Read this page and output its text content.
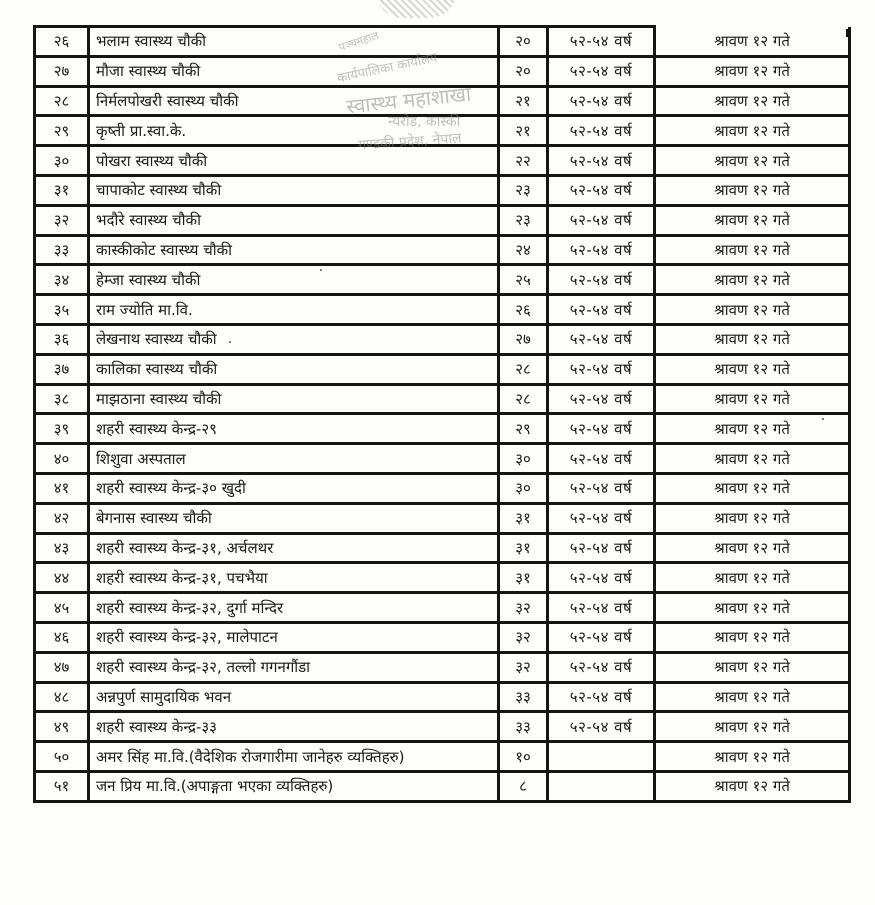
पञ्चमहाल
कार्यपालिका कार्यालय
स्वास्थ्य महाशाखा
न्यरोड, कास्की
गण्डकी प्रदेश, नेपाल
२६	भलाम स्वास्थ्य चौकी	२०	५२-५४ वर्ष	श्रावण १२ गते
२७	मौजा स्वास्थ्य चौकी	२०	५२-५४ वर्ष	श्रावण १२ गते
२८	निर्मलपोखरी स्वास्थ्य चौकी	२१	५२-५४ वर्ष	श्रावण १२ गते
२९	कृष्ती प्रा.स्वा.के.	२१	५२-५४ वर्ष	श्रावण १२ गते
३०	पोखरा स्वास्थ्य चौकी	२२	५२-५४ वर्ष	श्रावण १२ गते
३१	चापाकोट स्वास्थ्य चौकी	२३	५२-५४ वर्ष	श्रावण १२ गते
३२	भदौरे स्वास्थ्य चौकी	२३	५२-५४ वर्ष	श्रावण १२ गते
३३	कास्कीकोट स्वास्थ्य चौकी	२४	५२-५४ वर्ष	श्रावण १२ गते
३४	हेम्जा स्वास्थ्य चौकी	२५	५२-५४ वर्ष	श्रावण १२ गते
३५	राम ज्योति मा.वि.	२६	५२-५४ वर्ष	श्रावण १२ गते
३६	लेखनाथ स्वास्थ्य चौकी	२७	५२-५४ वर्ष	श्रावण १२ गते
३७	कालिका स्वास्थ्य चौकी	२८	५२-५४ वर्ष	श्रावण १२ गते
३८	माझठाना स्वास्थ्य चौकी	२८	५२-५४ वर्ष	श्रावण १२ गते
३९	शहरी स्वास्थ्य केन्द्र-२९	२९	५२-५४ वर्ष	श्रावण १२ गते
४०	शिशुवा अस्पताल	३०	५२-५४ वर्ष	श्रावण १२ गते
४१	शहरी स्वास्थ्य केन्द्र-३० खुदी	३०	५२-५४ वर्ष	श्रावण १२ गते
४२	बेगनास स्वास्थ्य चौकी	३१	५२-५४ वर्ष	श्रावण १२ गते
४३	शहरी स्वास्थ्य केन्द्र-३१, अर्चलथर	३१	५२-५४ वर्ष	श्रावण १२ गते
४४	शहरी स्वास्थ्य केन्द्र-३१, पचभैया	३१	५२-५४ वर्ष	श्रावण १२ गते
४५	शहरी स्वास्थ्य केन्द्र-३२, दुर्गा मन्दिर	३२	५२-५४ वर्ष	श्रावण १२ गते
४६	शहरी स्वास्थ्य केन्द्र-३२, मालेपाटन	३२	५२-५४ वर्ष	श्रावण १२ गते
४७	शहरी स्वास्थ्य केन्द्र-३२, तल्लो गगनगौंडा	३२	५२-५४ वर्ष	श्रावण १२ गते
४८	अन्नपुर्ण सामुदायिक भवन	३३	५२-५४ वर्ष	श्रावण १२ गते
४९	शहरी स्वास्थ्य केन्द्र-३३	३३	५२-५४ वर्ष	श्रावण १२ गते
५०	अमर सिंह मा.वि.(वैदेशिक रोजगारीमा जानेहरु व्यक्तिहरु)	१०		श्रावण १२ गते
५१	जन प्रिय मा.वि.(अपाङ्गता भएका व्यक्तिहरु)	८		श्रावण १२ गते
